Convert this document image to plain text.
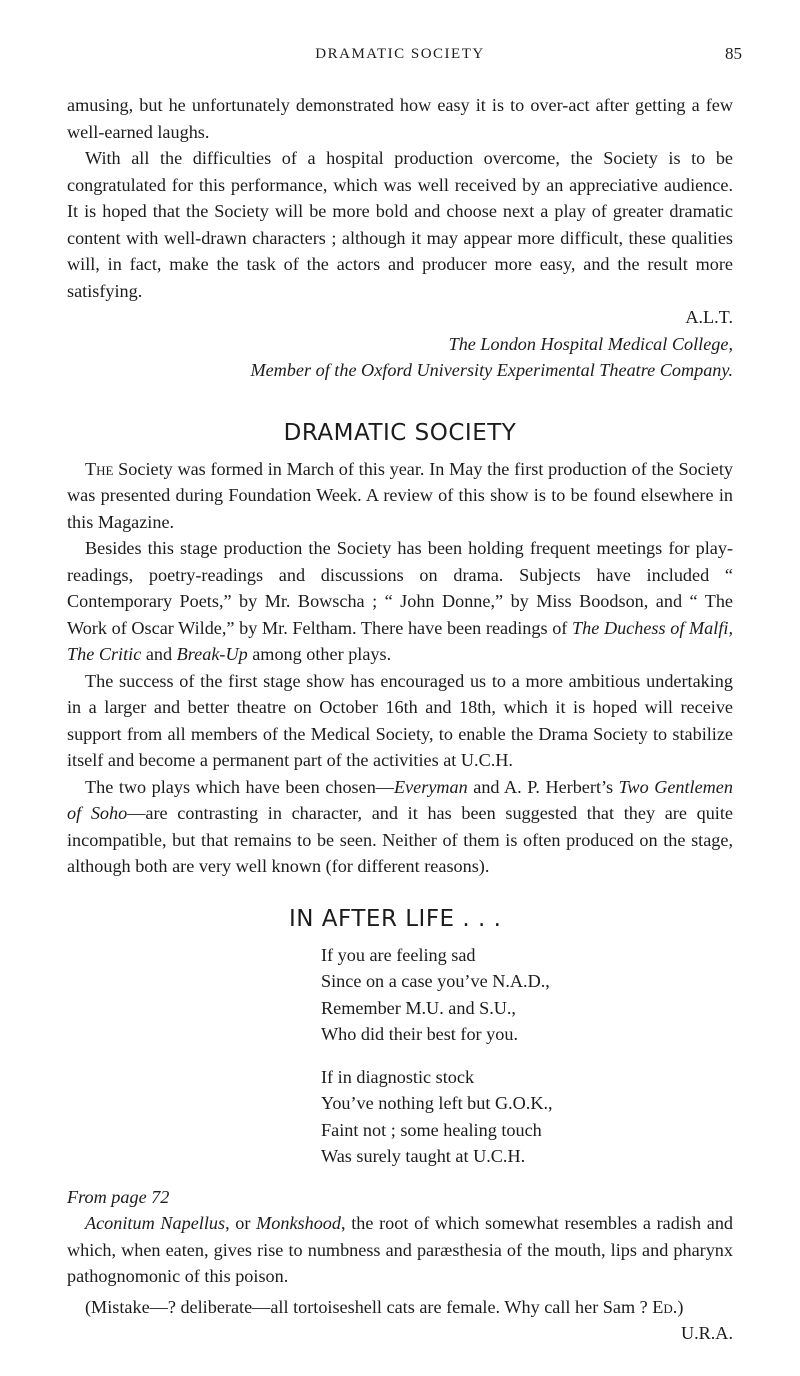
DRAMATIC SOCIETY	85

amusing, but he unfortunately demonstrated how easy it is to over-act after getting a few well-earned laughs.

With all the difficulties of a hospital production overcome, the Society is to be congratulated for this performance, which was well received by an appreciative audience. It is hoped that the Society will be more bold and choose next a play of greater dramatic content with well-drawn characters ; although it may appear more difficult, these qualities will, in fact, make the task of the actors and producer more easy, and the result more satisfying.

A.L.T.

The London Hospital Medical College,
Member of the Oxford University Experimental Theatre Company.
DRAMATIC SOCIETY

The Society was formed in March of this year. In May the first production of the Society was presented during Foundation Week. A review of this show is to be found elsewhere in this Magazine.

Besides this stage production the Society has been holding frequent meetings for play-readings, poetry-readings and discussions on drama. Subjects have included “ Contemporary Poets,” by Mr. Bowscha ; “ John Donne,” by Miss Boodson, and “ The Work of Oscar Wilde,” by Mr. Feltham. There have been readings of The Duchess of Malfi, The Critic and Break-Up among other plays.

The success of the first stage show has encouraged us to a more ambitious undertaking in a larger and better theatre on October 16th and 18th, which it is hoped will receive support from all members of the Medical Society, to enable the Drama Society to stabilize itself and become a permanent part of the activities at U.C.H.

The two plays which have been chosen—Everyman and A. P. Herbert’s Two Gentlemen of Soho—are contrasting in character, and it has been suggested that they are quite incompatible, but that remains to be seen. Neither of them is often produced on the stage, although both are very well known (for different reasons).

IN AFTER LIFE . . .
If you are feeling sad
Since on a case you’ve N.A.D.,
Remember M.U. and S.U.,
Who did their best for you.
If in diagnostic stock
You’ve nothing left but G.O.K.,
Faint not ; some healing touch
Was surely taught at U.C.H.
From page 72

Aconitum Napellus, or Monkshood, the root of which somewhat resembles a radish and which, when eaten, gives rise to numbness and paræsthesia of the mouth, lips and pharynx pathognomonic of this poison.

(Mistake—? deliberate—all tortoiseshell cats are female. Why call her Sam ? Ed.)

U.R.A.
